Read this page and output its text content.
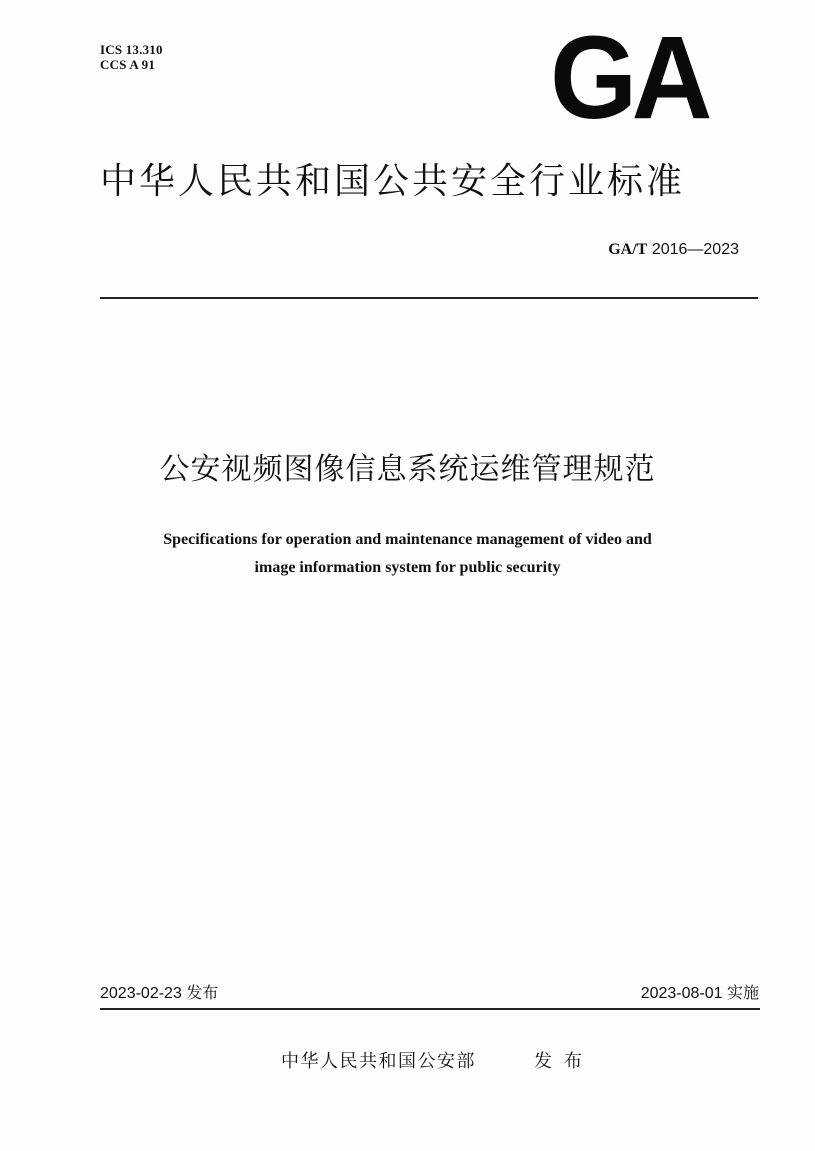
ICS 13.310
CCS A 91	GA
中华人民共和国公共安全行业标准
GA/T 2016—2023
公安视频图像信息系统运维管理规范
Specifications for operation and maintenance management of video and
image information system for public security
2023-02-23 发布	2023-08-01 实施
中华人民共和国公安部	发布
